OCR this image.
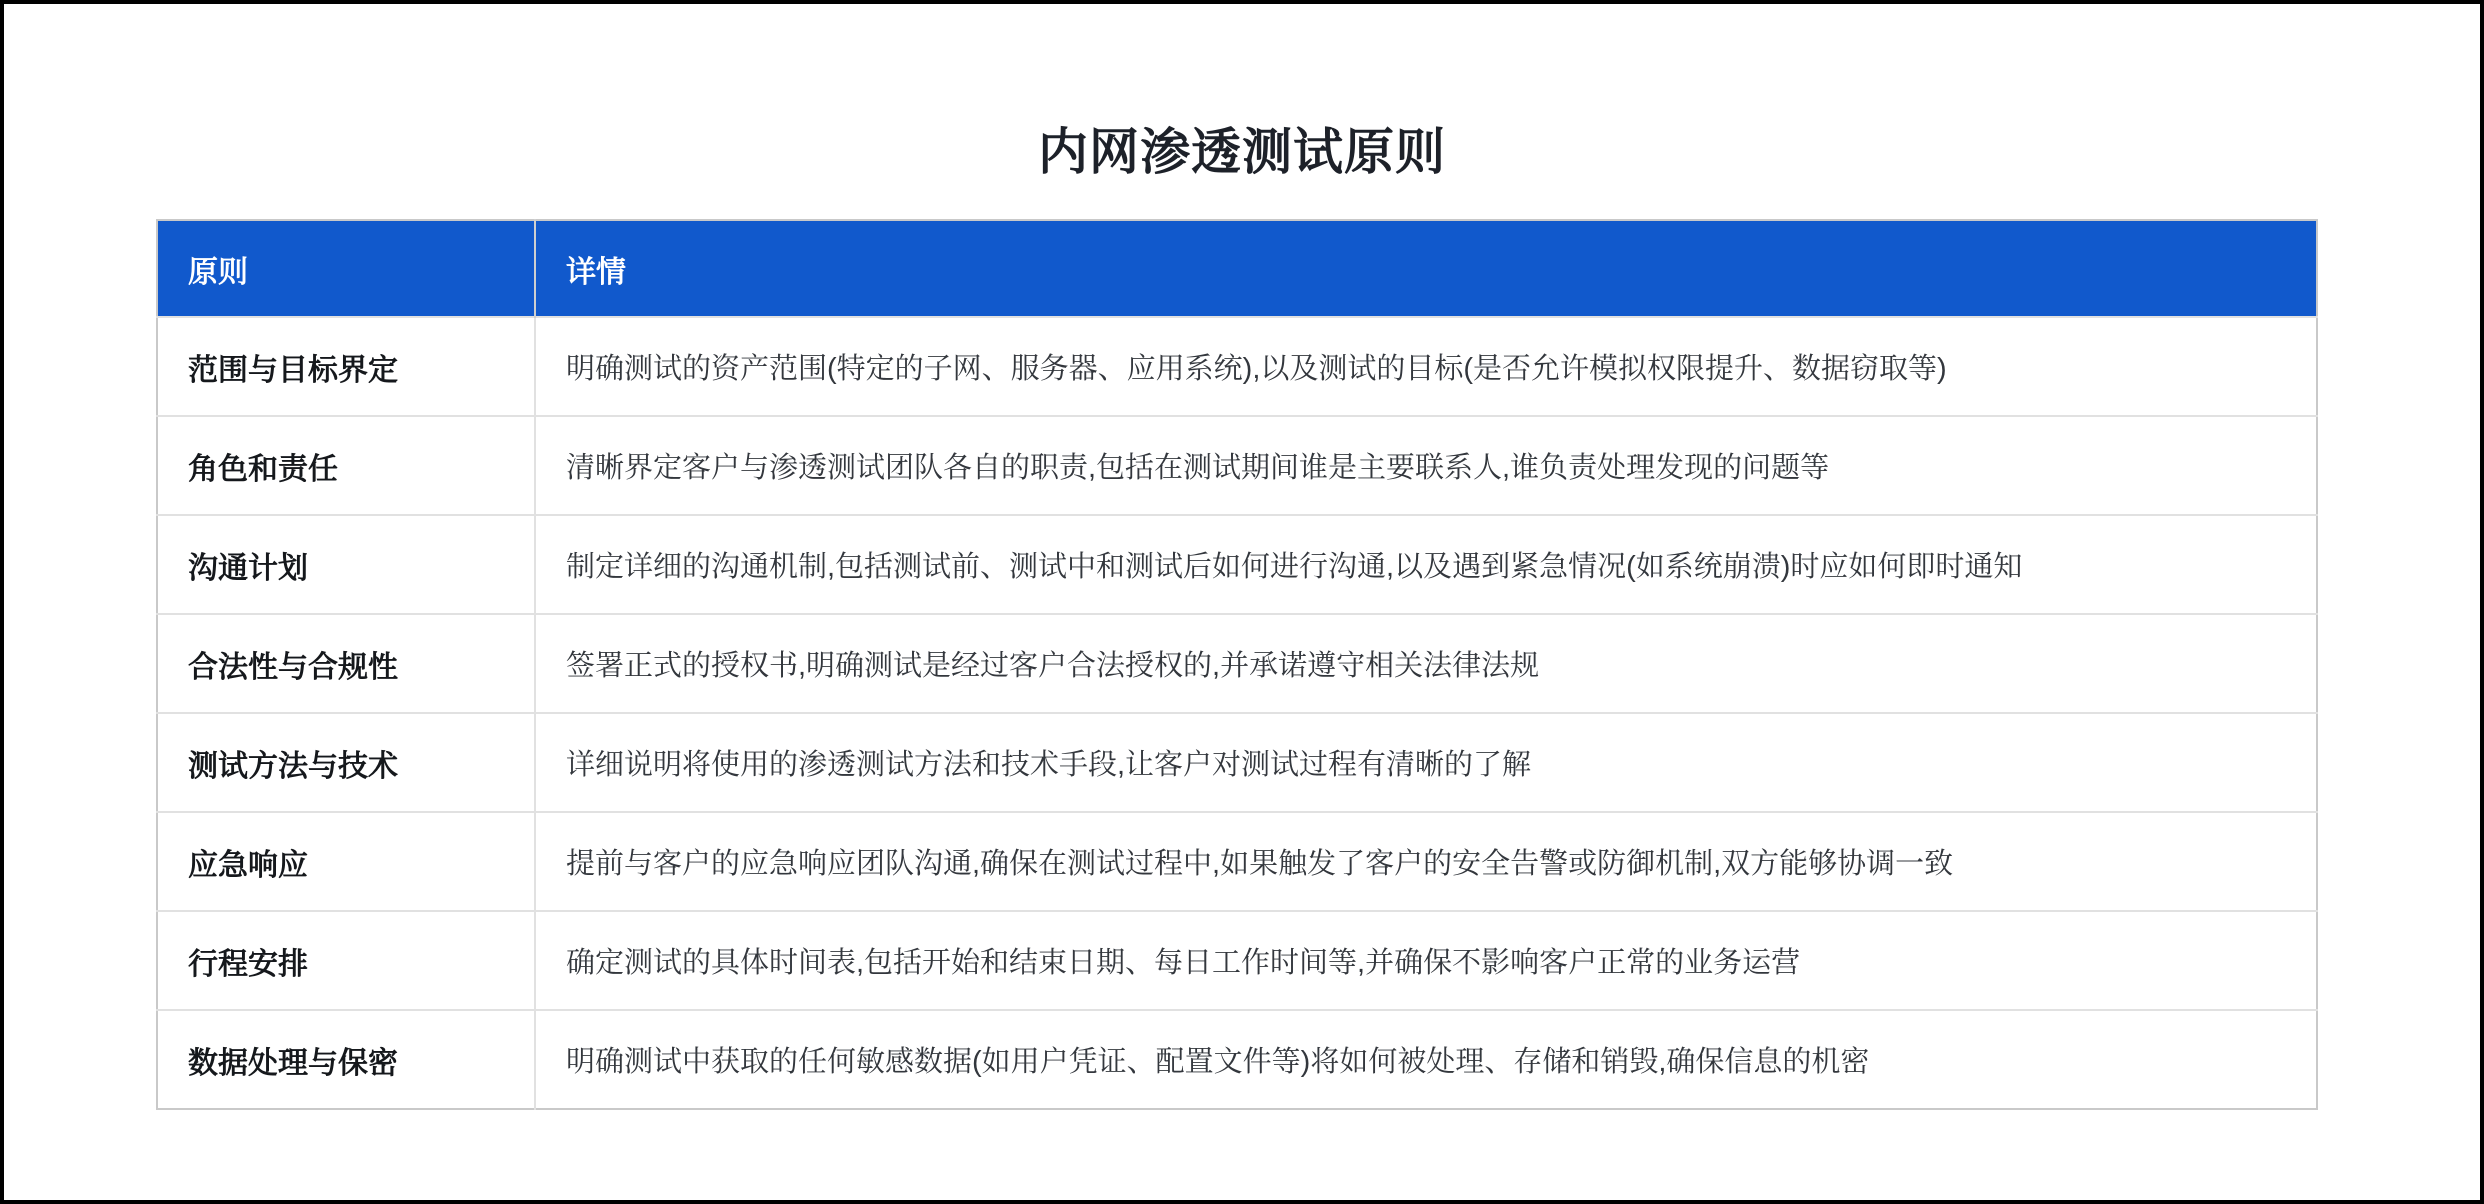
内网渗透测试原则
原则	详情
范围与目标界定	明确测试的资产范围(特定的子网、服务器、应用系统),以及测试的目标(是否允许模拟权限提升、数据窃取等)
角色和责任	清晰界定客户与渗透测试团队各自的职责,包括在测试期间谁是主要联系人,谁负责处理发现的问题等
沟通计划	制定详细的沟通机制,包括测试前、测试中和测试后如何进行沟通,以及遇到紧急情况(如系统崩溃)时应如何即时通知
合法性与合规性	签署正式的授权书,明确测试是经过客户合法授权的,并承诺遵守相关法律法规
测试方法与技术	详细说明将使用的渗透测试方法和技术手段,让客户对测试过程有清晰的了解
应急响应	提前与客户的应急响应团队沟通,确保在测试过程中,如果触发了客户的安全告警或防御机制,双方能够协调一致
行程安排	确定测试的具体时间表,包括开始和结束日期、每日工作时间等,并确保不影响客户正常的业务运营
数据处理与保密	明确测试中获取的任何敏感数据(如用户凭证、配置文件等)将如何被处理、存储和销毁,确保信息的机密
